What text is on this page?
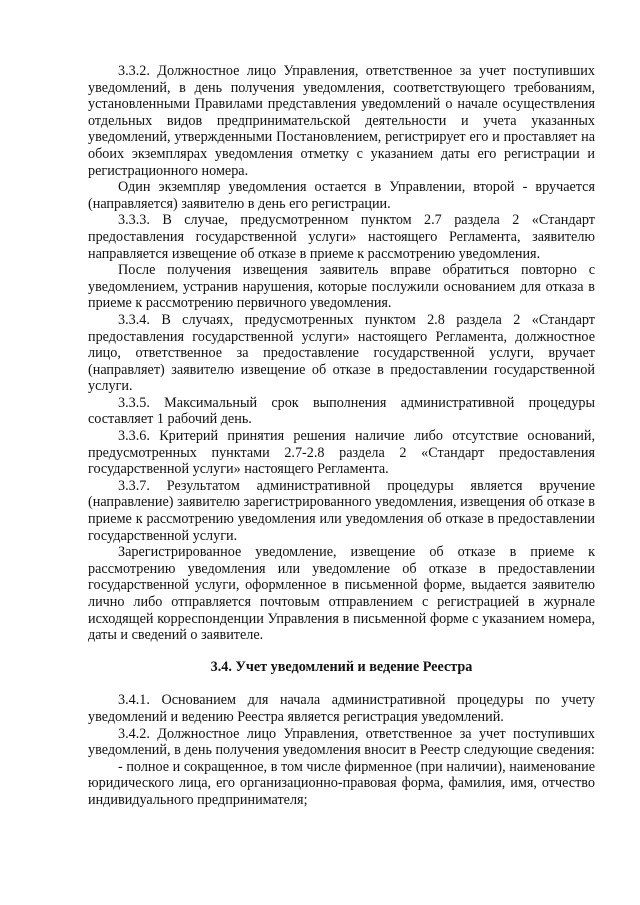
3.3.2. Должностное лицо Управления, ответственное за учет поступивших уведомлений, в день получения уведомления, соответствующего требованиям, установленными Правилами представления уведомлений о начале осуществления отдельных видов предпринимательской деятельности и учета указанных уведомлений, утвержденными Постановлением, регистрирует его и проставляет на обоих экземплярах уведомления отметку с указанием даты его регистрации и регистрационного номера.

Один экземпляр уведомления остается в Управлении, второй - вручается (направляется) заявителю в день его регистрации.

3.3.3. В случае, предусмотренном пунктом 2.7 раздела 2 «Стандарт предоставления государственной услуги» настоящего Регламента, заявителю направляется извещение об отказе в приеме к рассмотрению уведомления.

После получения извещения заявитель вправе обратиться повторно с уведомлением, устранив нарушения, которые послужили основанием для отказа в приеме к рассмотрению первичного уведомления.

3.3.4. В случаях, предусмотренных пунктом 2.8 раздела 2 «Стандарт предоставления государственной услуги» настоящего Регламента, должностное лицо, ответственное за предоставление государственной услуги, вручает (направляет) заявителю извещение об отказе в предоставлении государственной услуги.

3.3.5. Максимальный срок выполнения административной процедуры составляет 1 рабочий день.

3.3.6. Критерий принятия решения наличие либо отсутствие оснований, предусмотренных пунктами 2.7-2.8 раздела 2 «Стандарт предоставления государственной услуги» настоящего Регламента.

3.3.7. Результатом административной процедуры является вручение (направление) заявителю зарегистрированного уведомления, извещения об отказе в приеме к рассмотрению уведомления или уведомления об отказе в предоставлении государственной услуги.

Зарегистрированное уведомление, извещение об отказе в приеме к рассмотрению уведомления или уведомление об отказе в предоставлении государственной услуги, оформленное в письменной форме, выдается заявителю лично либо отправляется почтовым отправлением с регистрацией в журнале исходящей корреспонденции Управления в письменной форме с указанием номера, даты и сведений о заявителе.

3.4. Учет уведомлений и ведение Реестра

3.4.1. Основанием для начала административной процедуры по учету уведомлений и ведению Реестра является регистрация уведомлений.

3.4.2. Должностное лицо Управления, ответственное за учет поступивших уведомлений, в день получения уведомления вносит в Реестр следующие сведения:

- полное и сокращенное, в том числе фирменное (при наличии), наименование юридического лица, его организационно-правовая форма, фамилия, имя, отчество индивидуального предпринимателя;
